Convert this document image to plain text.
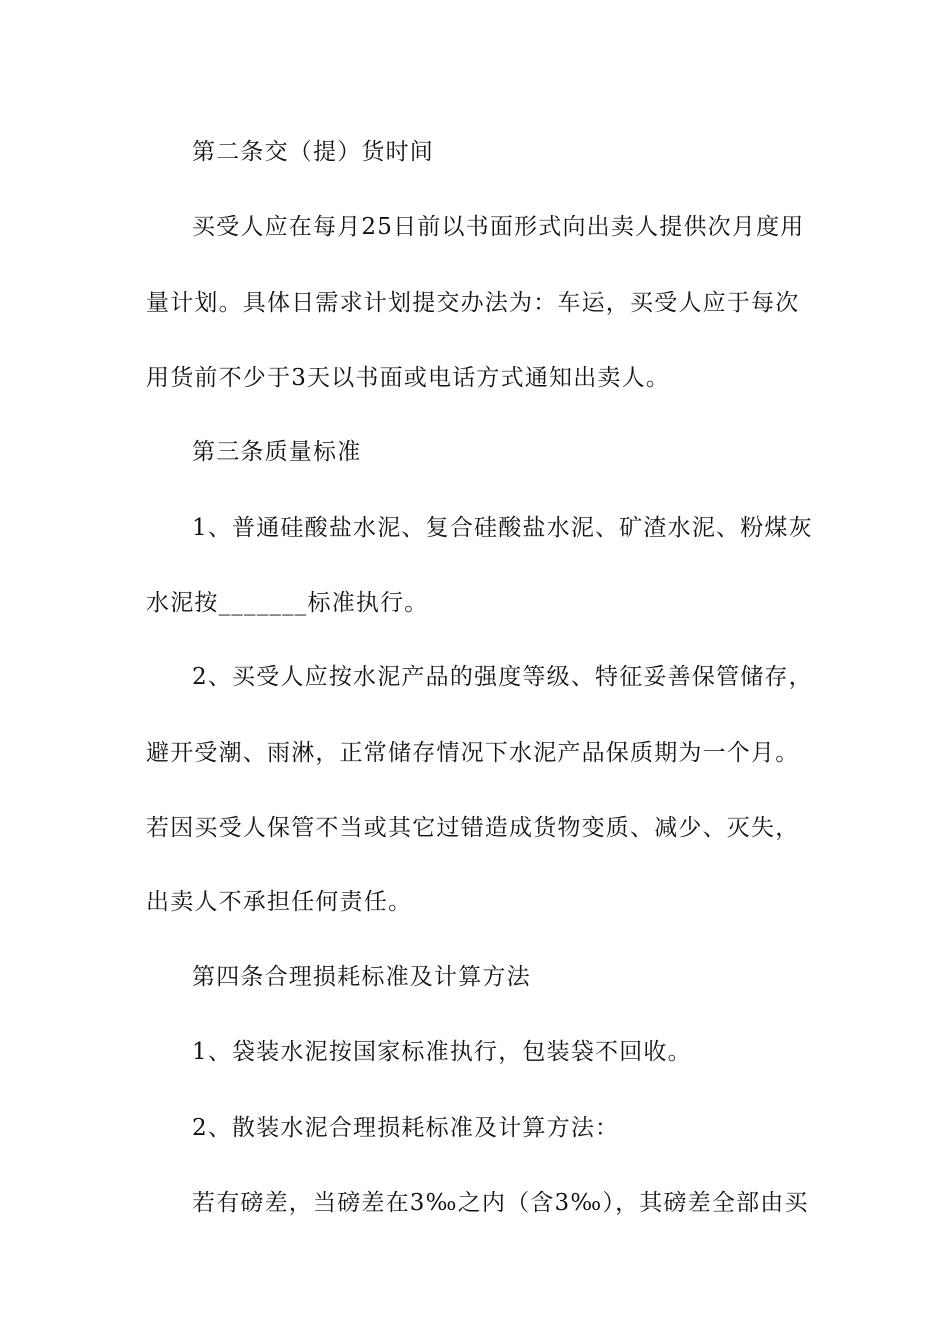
第二条交（提）货时间
买受人应在每月25日前以书面形式向出卖人提供次月度用
量计划。具体日需求计划提交办法为：车运，买受人应于每次
用货前不少于3天以书面或电话方式通知出卖人。
第三条质量标准
1、普通硅酸盐水泥、复合硅酸盐水泥、矿渣水泥、粉煤灰
水泥按_______标准执行。
2、买受人应按水泥产品的强度等级、特征妥善保管储存，
避开受潮、雨淋，正常储存情况下水泥产品保质期为一个月。
若因买受人保管不当或其它过错造成货物变质、减少、灭失，
出卖人不承担任何责任。
第四条合理损耗标准及计算方法
1、袋装水泥按国家标准执行，包装袋不回收。
2、散装水泥合理损耗标准及计算方法：
若有磅差，当磅差在3‰之内（含3‰），其磅差全部由买
